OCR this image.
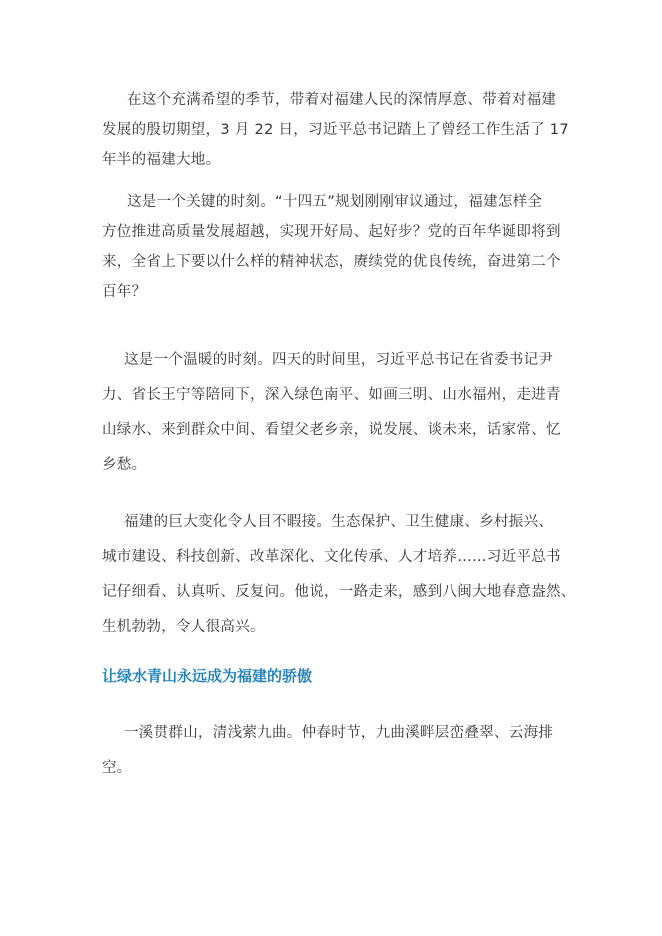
在这个充满希望的季节，带着对福建人民的深情厚意、带着对福建
发展的殷切期望，3 月 22 日，习近平总书记踏上了曾经工作生活了 17
年半的福建大地。

这是一个关键的时刻。“十四五”规划刚刚审议通过，福建怎样全
方位推进高质量发展超越，实现开好局、起好步？党的百年华诞即将到
来，全省上下要以什么样的精神状态，赓续党的优良传统，奋进第二个
百年？

这是一个温暖的时刻。四天的时间里，习近平总书记在省委书记尹
力、省长王宁等陪同下，深入绿色南平、如画三明、山水福州，走进青
山绿水、来到群众中间、看望父老乡亲，说发展、谈未来，话家常、忆
乡愁。

福建的巨大变化令人目不暇接。生态保护、卫生健康、乡村振兴、
城市建设、科技创新、改革深化、文化传承、人才培养……习近平总书
记仔细看、认真听、反复问。他说，一路走来，感到八闽大地春意盎然、
生机勃勃，令人很高兴。

让绿水青山永远成为福建的骄傲

一溪贯群山，清浅萦九曲。仲春时节，九曲溪畔层峦叠翠、云海排
空。
